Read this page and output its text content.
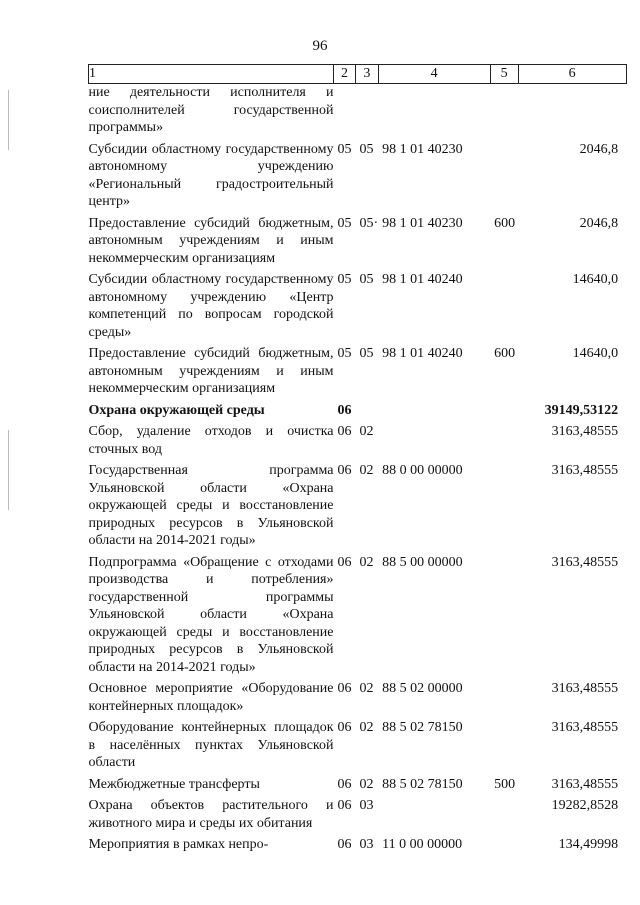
96
1	2	3	4	5	6
ние деятельности исполнителя и соисполнителей государственной программы»					
Субсидии областному государственному автономному учреждению «Региональный градостроительный центр»	05	05	98 1 01 40230		2046,8
Предоставление субсидий бюджетным, автономным учреждениям и иным некоммерческим организациям	05	05·	98 1 01 40230	600	2046,8
Субсидии областному государственному автономному учреждению «Центр компетенций по вопросам городской среды»	05	05	98 1 01 40240		14640,0
Предоставление субсидий бюджетным, автономным учреждениям и иным некоммерческим организациям	05	05	98 1 01 40240	600	14640,0
Охрана окружающей среды	06				39149,53122
Сбор, удаление отходов и очистка сточных вод	06	02			3163,48555
Государственная программа Ульяновской области «Охрана окружающей среды и восстановление природных ресурсов в Ульяновской области на 2014-2021 годы»	06	02	88 0 00 00000		3163,48555
Подпрограмма «Обращение с отходами производства и потребления» государственной программы Ульяновской области «Охрана окружающей среды и восстановление природных ресурсов в Ульяновской области на 2014-2021 годы»	06	02	88 5 00 00000		3163,48555
Основное мероприятие «Оборудование контейнерных площадок»	06	02	88 5 02 00000		3163,48555
Оборудование контейнерных площадок в населённых пунктах Ульяновской области	06	02	88 5 02 78150		3163,48555
Межбюджетные трансферты	06	02	88 5 02 78150	500	3163,48555
Охрана объектов растительного и животного мира и среды их обитания	06	03			19282,8528
Мероприятия в рамках непро-	06	03	11 0 00 00000		134,49998
